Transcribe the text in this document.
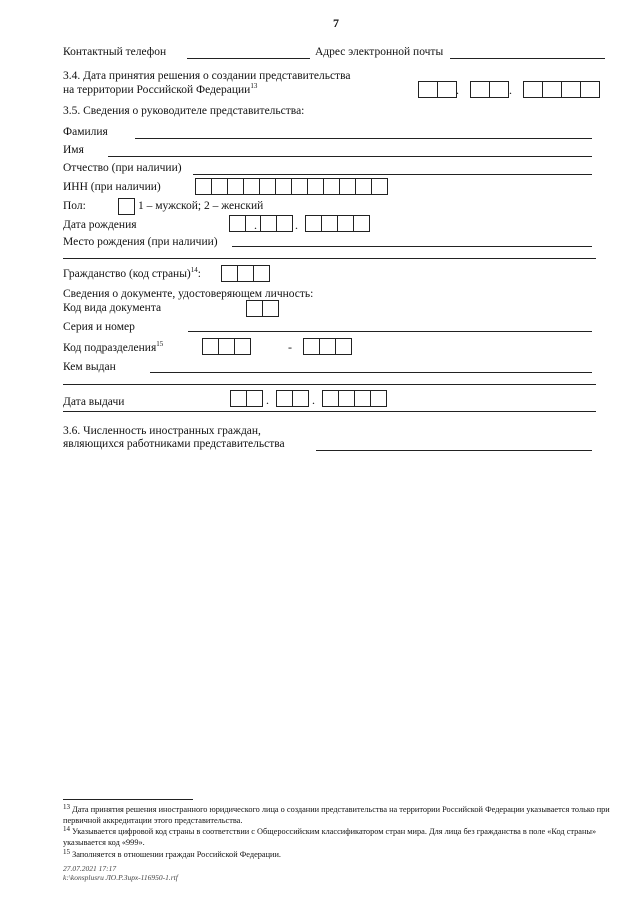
7
Контактный телефон	Адрес электронной почты
3.4. Дата принятия решения о создании представительства
на территории Российской Федерации$^{13}$	.	.
3.5. Сведения о руководителе представительства:
Фамилия
Имя
Отчество (при наличии)
ИНН (при наличии)
Пол:	1 – мужской; 2 – женский
Дата рождения	.	.
Место рождения (при наличии)
Гражданство (код страны)$^{14}$:
Сведения о документе, удостоверяющем личность:
Код вида документа
Серия и номер
Код подразделения$^{15}$	-
Кем выдан
Дата выдачи	.	.
3.6. Численность иностранных граждан,
являющихся работниками представительства
$^{13}$ Дата принятия решения иностранного юридического лица о создании представительства на территории Российской Федерации указывается только при первичной аккредитации этого представительства.
$^{14}$ Указывается цифровой код страны в соответствии с Общероссийским классификатором стран мира. Для лица без гражданства в поле «Код страны» указывается код «999».
$^{15}$ Заполняется в отношении граждан Российской Федерации.
27.07.2021 17:17
k:\konsplusru ЛО.Р.Зирх-116950-1.rtf
